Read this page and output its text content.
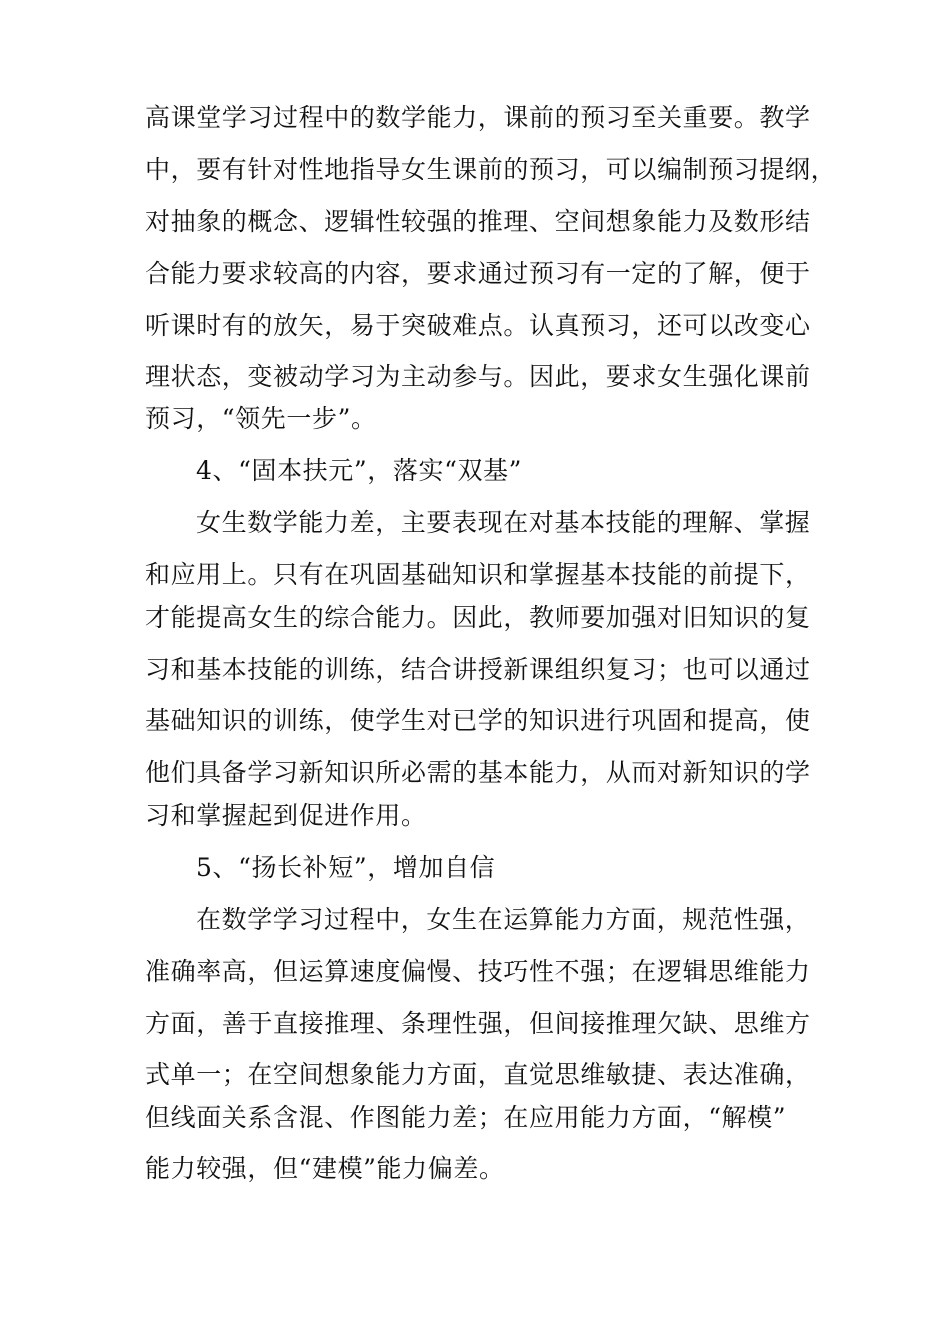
高课堂学习过程中的数学能力，课前的预习至关重要。教学
中，要有针对性地指导女生课前的预习，可以编制预习提纲，
对抽象的概念、逻辑性较强的推理、空间想象能力及数形结
合能力要求较高的内容，要求通过预习有一定的了解，便于
听课时有的放矢，易于突破难点。认真预习，还可以改变心
理状态，变被动学习为主动参与。因此，要求女生强化课前
预习，“领先一步”。
4、“固本扶元”，落实“双基”
女生数学能力差，主要表现在对基本技能的理解、掌握
和应用上。只有在巩固基础知识和掌握基本技能的前提下，
才能提高女生的综合能力。因此，教师要加强对旧知识的复
习和基本技能的训练，结合讲授新课组织复习；也可以通过
基础知识的训练，使学生对已学的知识进行巩固和提高，使
他们具备学习新知识所必需的基本能力，从而对新知识的学
习和掌握起到促进作用。
5、“扬长补短”，增加自信
在数学学习过程中，女生在运算能力方面，规范性强，
准确率高，但运算速度偏慢、技巧性不强；在逻辑思维能力
方面，善于直接推理、条理性强，但间接推理欠缺、思维方
式单一；在空间想象能力方面，直觉思维敏捷、表达准确，
但线面关系含混、作图能力差；在应用能力方面，“解模”
能力较强，但“建模”能力偏差。
